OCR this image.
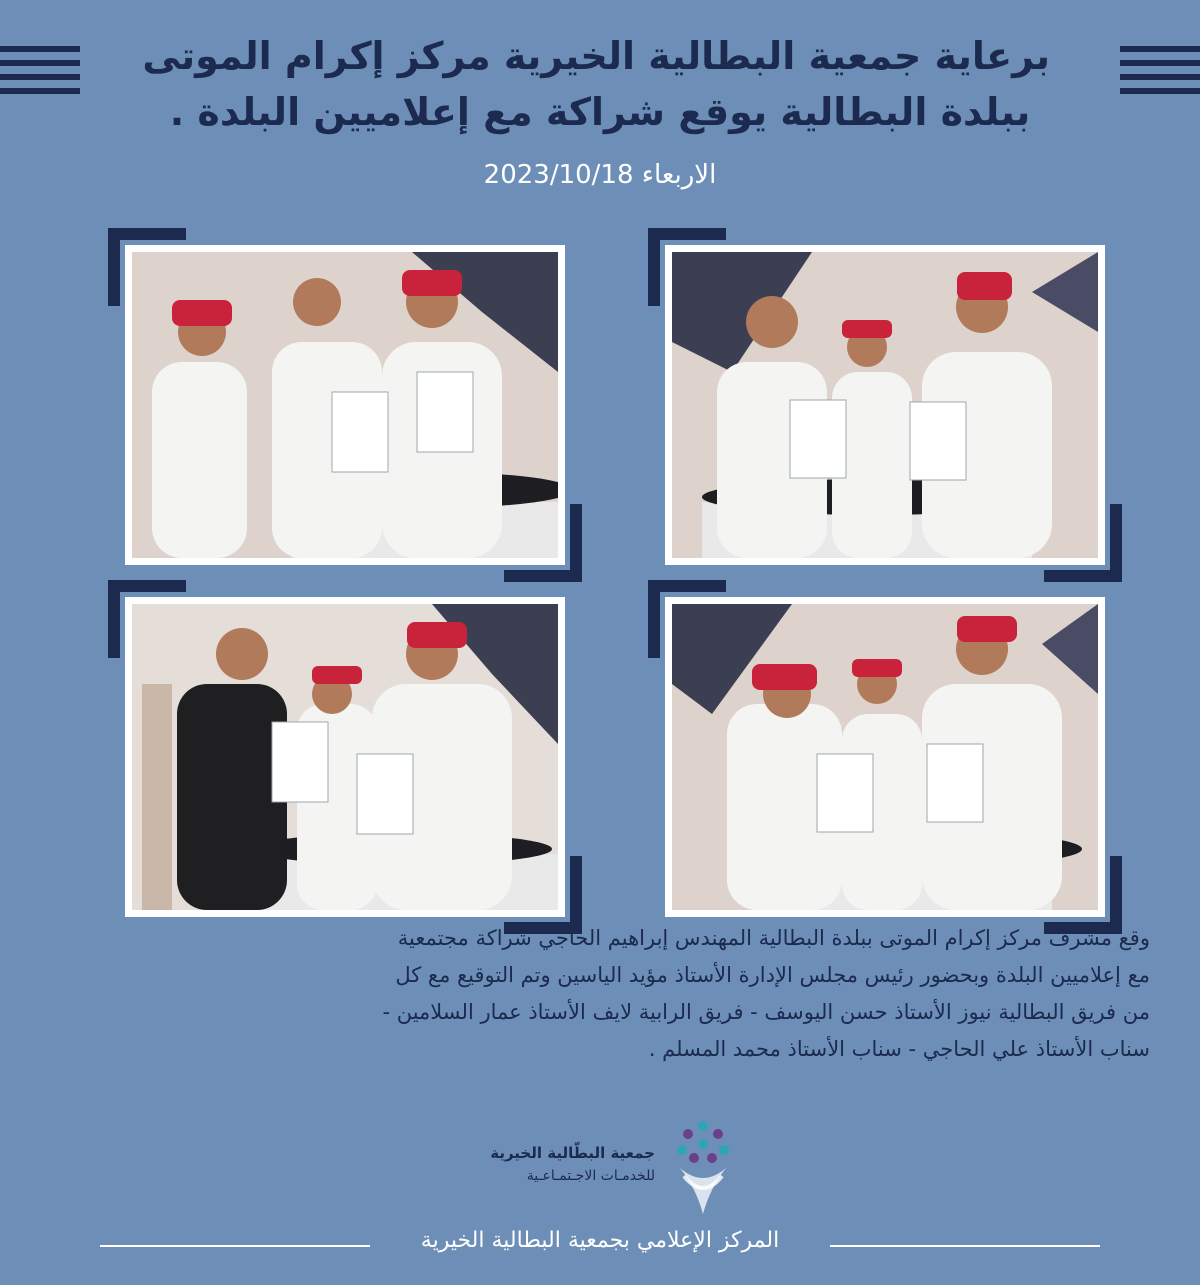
برعاية جمعية البطالية الخيرية مركز إكرام الموتى
ببلدة البطالية يوقع شراكة مع إعلاميين البلدة .
الاربعاء 2023/10/18
وقع مشرف مركز إكرام الموتى ببلدة البطالية المهندس إبراهيم الحاجي شراكة مجتمعية
مع إعلاميين البلدة وبحضور رئيس مجلس الإدارة الأستاذ مؤيد الياسين وتم التوقيع مع كل
من فريق البطالية نيوز الأستاذ حسن اليوسف - فريق الرابية لايف الأستاذ عمار السلامين -
سناب الأستاذ علي الحاجي - سناب الأستاذ محمد المسلم .
جمعية البطّالية الخيرية
للخدمـات الاجـتمـاعـية
المركز الإعلامي بجمعية البطالية الخيرية
